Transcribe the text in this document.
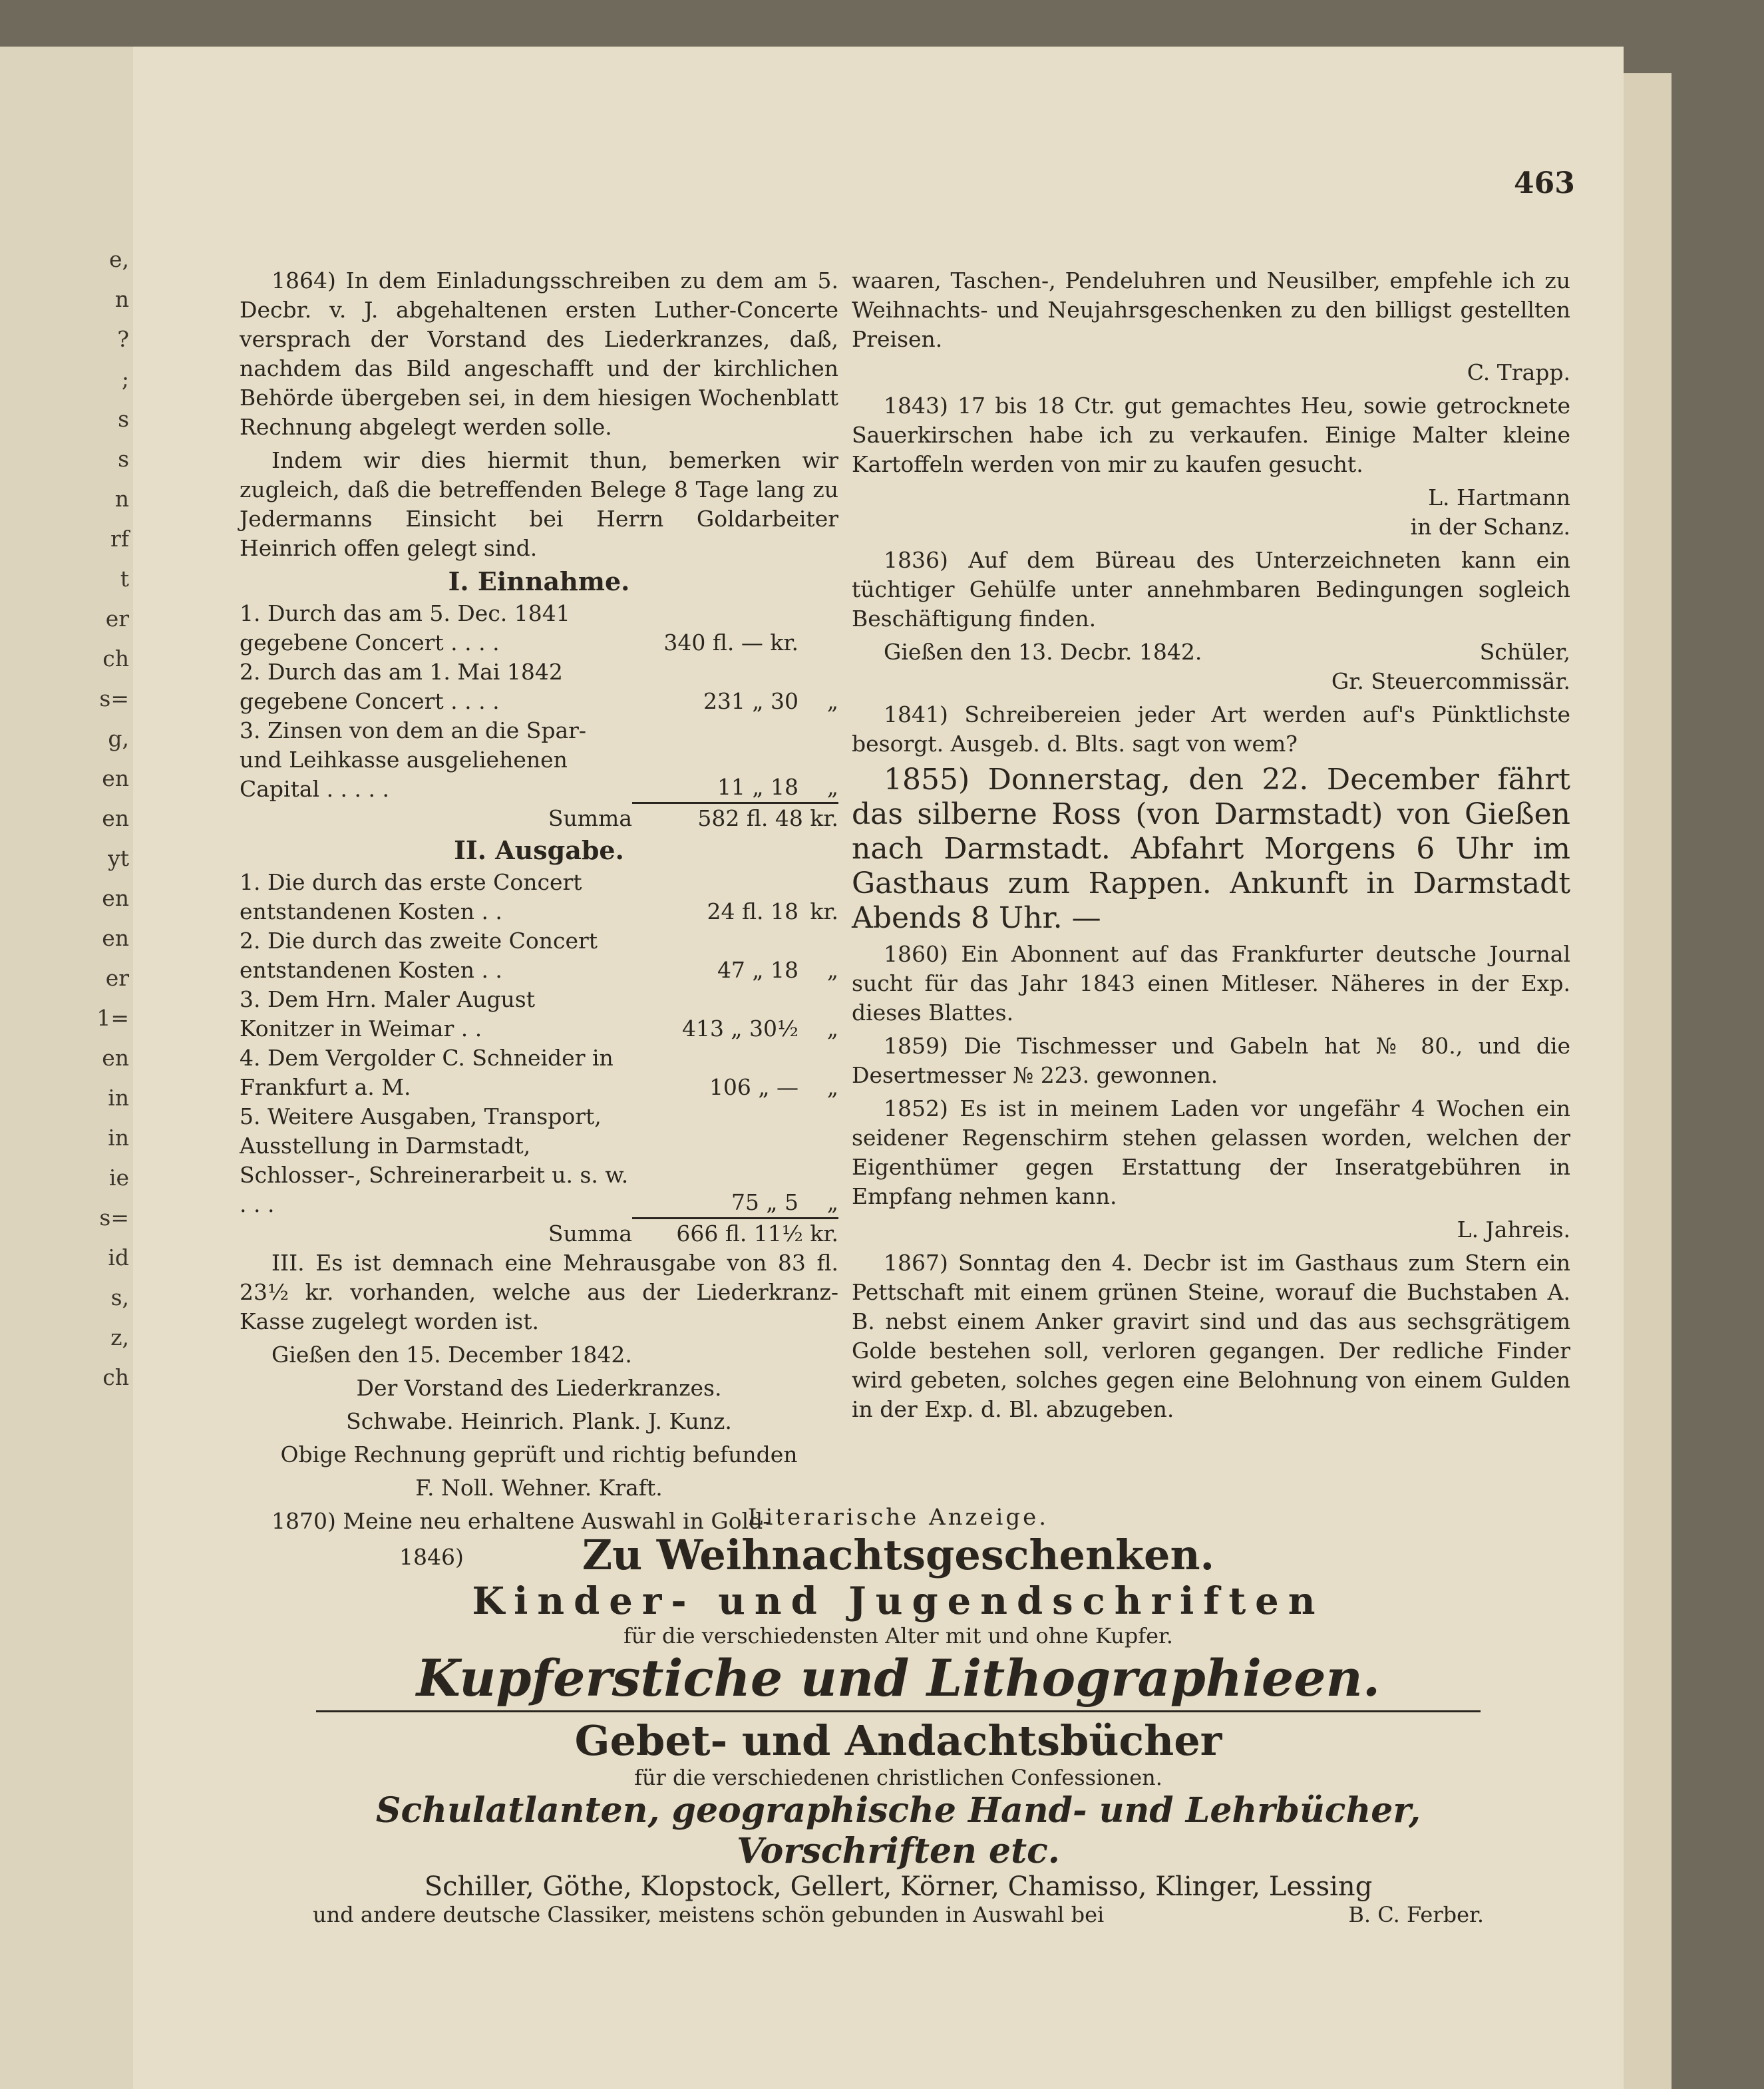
e,
n
?
;
s
s
n
rf
t
er
ch
s=
g,
en
en
yt
en
en
er
1=
en
in
in
ie
s=
id
s,
z,
ch
463

1864) In dem Einladungsschreiben zu dem am 5. Decbr. v. J. abgehaltenen ersten Luther-Concerte versprach der Vorstand des Liederkranzes, daß, nachdem das Bild angeschafft und der kirchlichen Behörde übergeben sei, in dem hiesigen Wochenblatt Rechnung abgelegt werden solle.

Indem wir dies hiermit thun, bemerken wir zugleich, daß die betreffenden Belege 8 Tage lang zu Jedermanns Einsicht bei Herrn Goldarbeiter Heinrich offen gelegt sind.

I. Einnahme.
1. Durch das am 5. Dec. 1841 gegebene Concert . . . .	340 fl. — kr.
2. Durch das am 1. Mai 1842 gegebene Concert . . . .	231 „ 30	„
3. Zinsen von dem an die Spar- und Leihkasse ausgeliehenen Capital . . . . .	11 „ 18	„
Summa	582 fl. 48 kr.
II. Ausgabe.
1. Die durch das erste Concert entstandenen Kosten . .	24 fl. 18 kr.
2. Die durch das zweite Concert entstandenen Kosten . .	47 „ 18	„
3. Dem Hrn. Maler August Konitzer in Weimar . .	413 „ 30½	„
4. Dem Vergolder C. Schneider in Frankfurt a. M.	106 „ —	„
5. Weitere Ausgaben, Transport, Ausstellung in Darmstadt, Schlosser-, Schreinerarbeit u. s. w. . . .	75 „ 5	„
Summa	666 fl. 11½ kr.

III. Es ist demnach eine Mehrausgabe von 83 fl. 23½ kr. vorhanden, welche aus der Liederkranz-Kasse zugelegt worden ist.

Gießen den 15. December 1842.

Der Vorstand des Liederkranzes.

Schwabe. Heinrich. Plank. J. Kunz.

Obige Rechnung geprüft und richtig befunden

F. Noll. Wehner. Kraft.

1870) Meine neu erhaltene Auswahl in Gold-

waaren, Taschen-, Pendeluhren und Neusilber, empfehle ich zu Weihnachts- und Neujahrsgeschenken zu den billigst gestellten Preisen.

C. Trapp.

1843) 17 bis 18 Ctr. gut gemachtes Heu, sowie getrocknete Sauerkirschen habe ich zu verkaufen. Einige Malter kleine Kartoffeln werden von mir zu kaufen gesucht.

L. Hartmann

in der Schanz.

1836) Auf dem Büreau des Unterzeichneten kann ein tüchtiger Gehülfe unter annehmbaren Bedingungen sogleich Beschäftigung finden.

Gießen den 13. Decbr. 1842.	Schüler,

Gr. Steuercommissär.

1841) Schreibereien jeder Art werden auf's Pünktlichste besorgt. Ausgeb. d. Blts. sagt von wem?

1855) Donnerstag, den 22. December fährt das silberne Ross (von Darmstadt) von Gießen nach Darmstadt. Abfahrt Morgens 6 Uhr im Gasthaus zum Rappen. Ankunft in Darmstadt Abends 8 Uhr. —

1860) Ein Abonnent auf das Frankfurter deutsche Journal sucht für das Jahr 1843 einen Mitleser. Näheres in der Exp. dieses Blattes.

1859) Die Tischmesser und Gabeln hat № 80., und die Desertmesser № 223. gewonnen.

1852) Es ist in meinem Laden vor ungefähr 4 Wochen ein seidener Regenschirm stehen gelassen worden, welchen der Eigenthümer gegen Erstattung der Inseratgebühren in Empfang nehmen kann.

L. Jahreis.

1867) Sonntag den 4. Decbr ist im Gasthaus zum Stern ein Pettschaft mit einem grünen Steine, worauf die Buchstaben A. B. nebst einem Anker gravirt sind und das aus sechsgrätigem Golde bestehen soll, verloren gegangen. Der redliche Finder wird gebeten, solches gegen eine Belohnung von einem Gulden in der Exp. d. Bl. abzugeben.

Literarische Anzeige.
1846)	Zu Weihnachtsgeschenken.
Kinder- und Jugendschriften
für die verschiedensten Alter mit und ohne Kupfer.
Kupferstiche und Lithographieen.
Gebet- und Andachtsbücher
für die verschiedenen christlichen Confessionen.
Schulatlanten, geographische Hand- und Lehrbücher,
Vorschriften etc.
Schiller, Göthe, Klopstock, Gellert, Körner, Chamisso, Klinger, Lessing
und andere deutsche Classiker, meistens schön gebunden in Auswahl bei	B. C. Ferber.
